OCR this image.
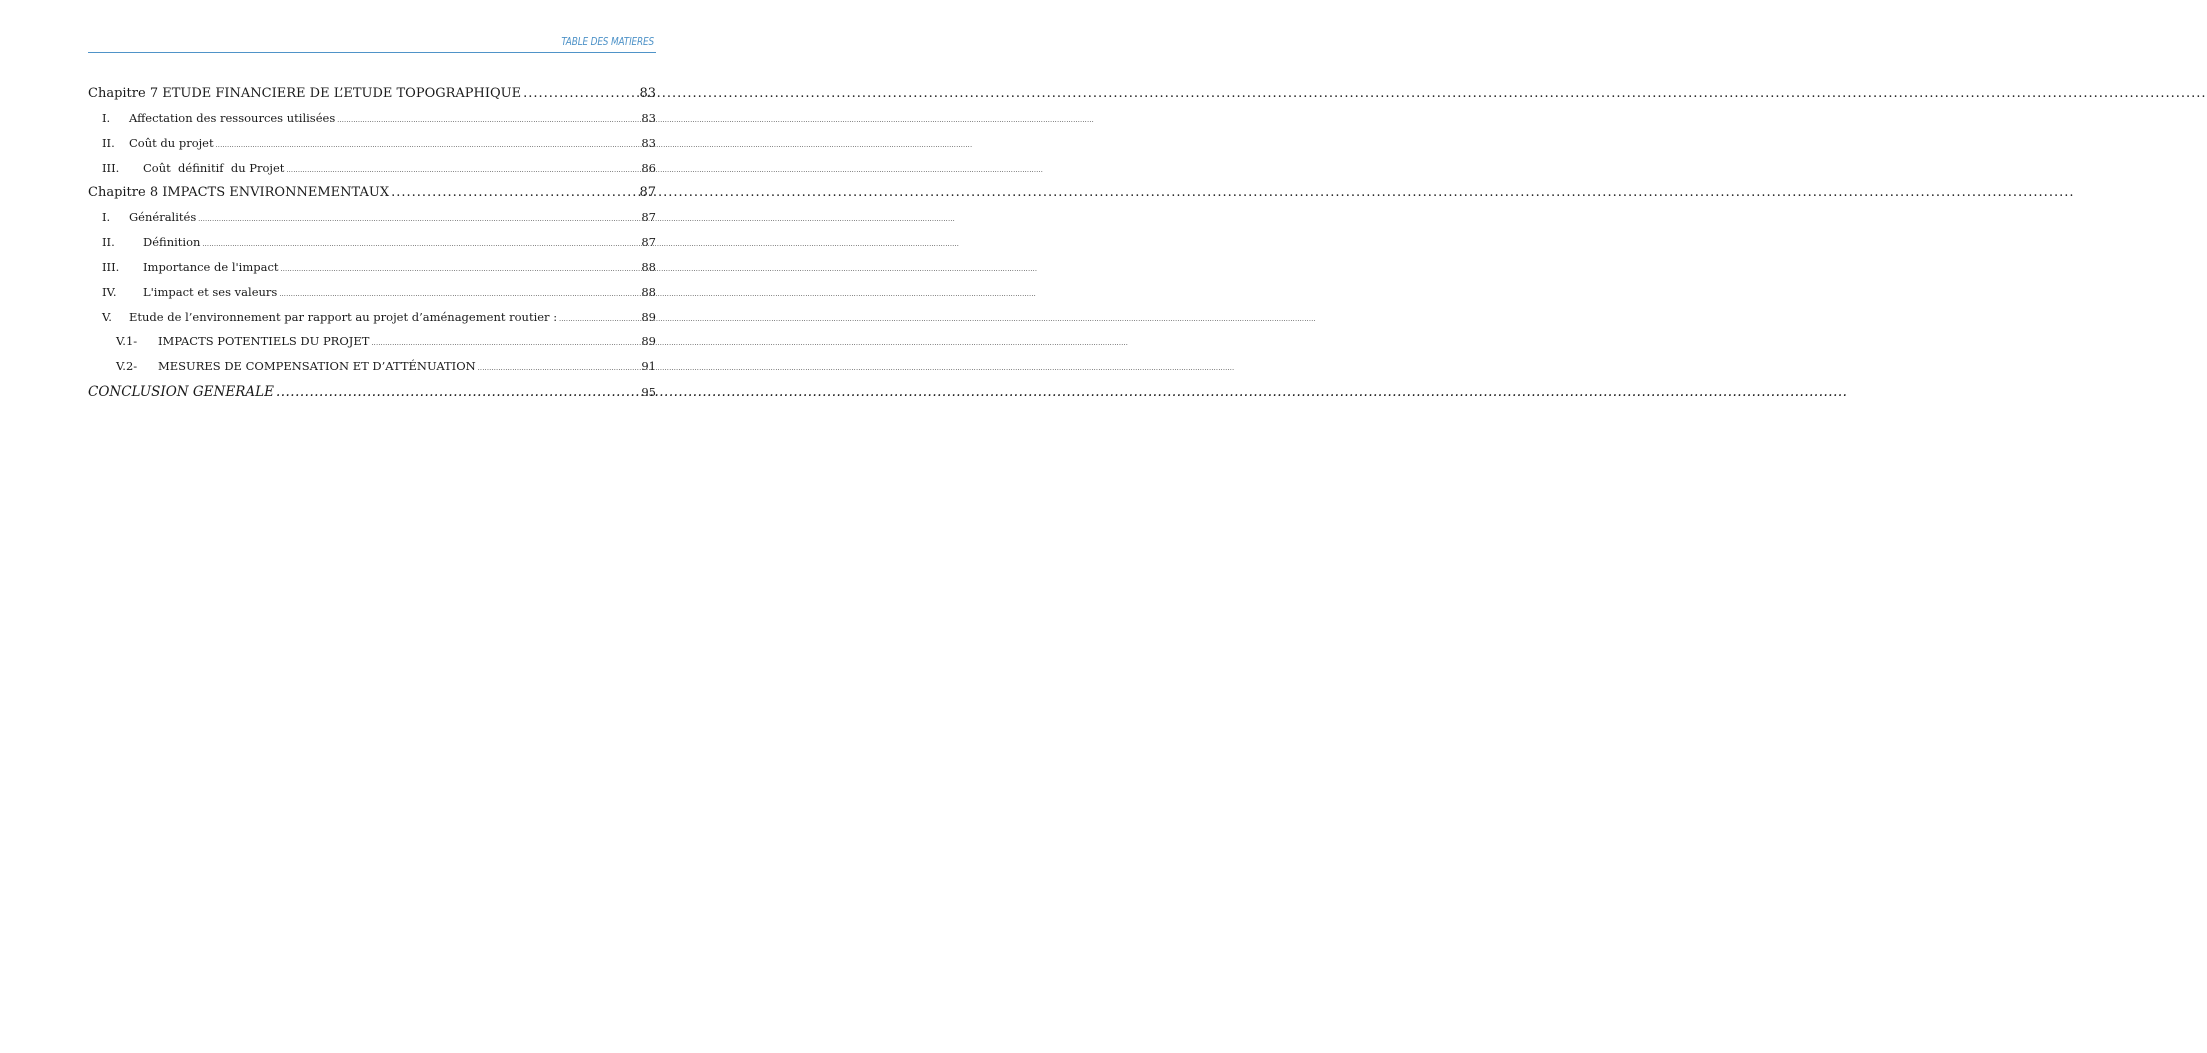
TABLE DES MATIERES
Chapitre 7 ETUDE FINANCIERE DE L’ETUDE TOPOGRAPHIQUE .....	83
I.	Affectation des ressources utilisées .....	83
II.	Coût du projet .....	83
III.	Coût  définitif  du Projet .....	86
Chapitre 8 IMPACTS ENVIRONNEMENTAUX .....	87
I.	Généralités .....	87
II.	Définition .....	87
III.	Importance de l'impact .....	88
IV.	L'impact et ses valeurs .....	88
V.	Etude de l’environnement par rapport au projet d’aménagement routier : .....	89
V.1-	IMPACTS POTENTIELS DU PROJET .....	89
V.2-	MESURES DE COMPENSATION ET D’ATTÉNUATION .....	91
CONCLUSION GENERALE .....	95
